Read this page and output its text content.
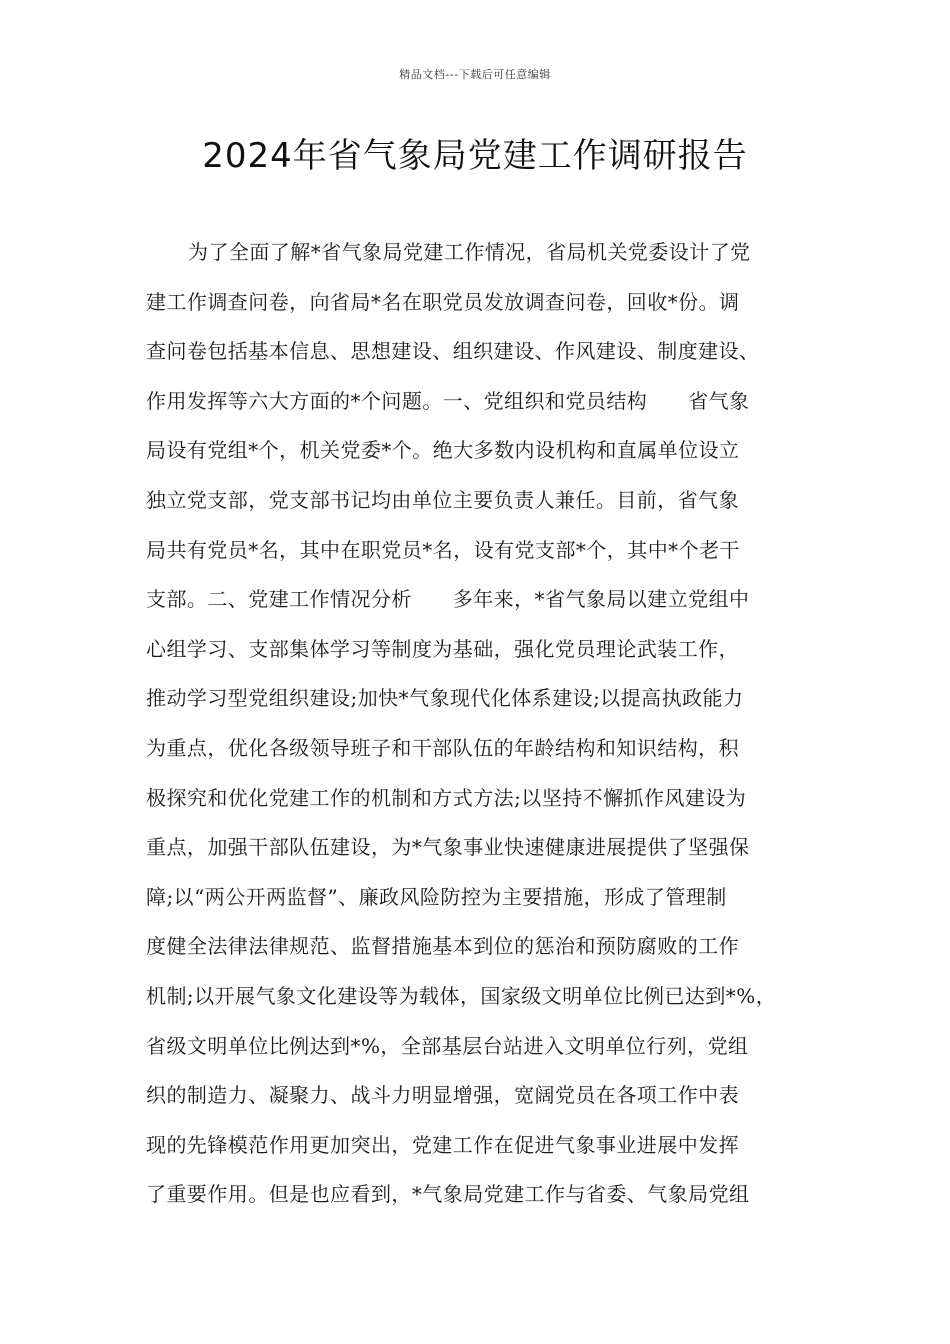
精品文档---下载后可任意编辑
2024年省气象局党建工作调研报告
为了全面了解*省气象局党建工作情况，省局机关党委设计了党
建工作调查问卷，向省局*名在职党员发放调查问卷，回收*份。调
查问卷包括基本信息、思想建设、组织建设、作风建设、制度建设、
作用发挥等六大方面的*个问题。一、党组织和党员结构　　省气象
局设有党组*个，机关党委*个。绝大多数内设机构和直属单位设立
独立党支部，党支部书记均由单位主要负责人兼任。目前，省气象
局共有党员*名，其中在职党员*名，设有党支部*个，其中*个老干
支部。二、党建工作情况分析　　多年来，*省气象局以建立党组中
心组学习、支部集体学习等制度为基础，强化党员理论武装工作，
推动学习型党组织建设;加快*气象现代化体系建设;以提高执政能力
为重点，优化各级领导班子和干部队伍的年龄结构和知识结构，积
极探究和优化党建工作的机制和方式方法;以坚持不懈抓作风建设为
重点，加强干部队伍建设，为*气象事业快速健康进展提供了坚强保
障;以“两公开两监督”、廉政风险防控为主要措施，形成了管理制
度健全法律法律规范、监督措施基本到位的惩治和预防腐败的工作
机制;以开展气象文化建设等为载体，国家级文明单位比例已达到*%，
省级文明单位比例达到*%，全部基层台站进入文明单位行列，党组
织的制造力、凝聚力、战斗力明显增强，宽阔党员在各项工作中表
现的先锋模范作用更加突出，党建工作在促进气象事业进展中发挥
了重要作用。但是也应看到，*气象局党建工作与省委、气象局党组
